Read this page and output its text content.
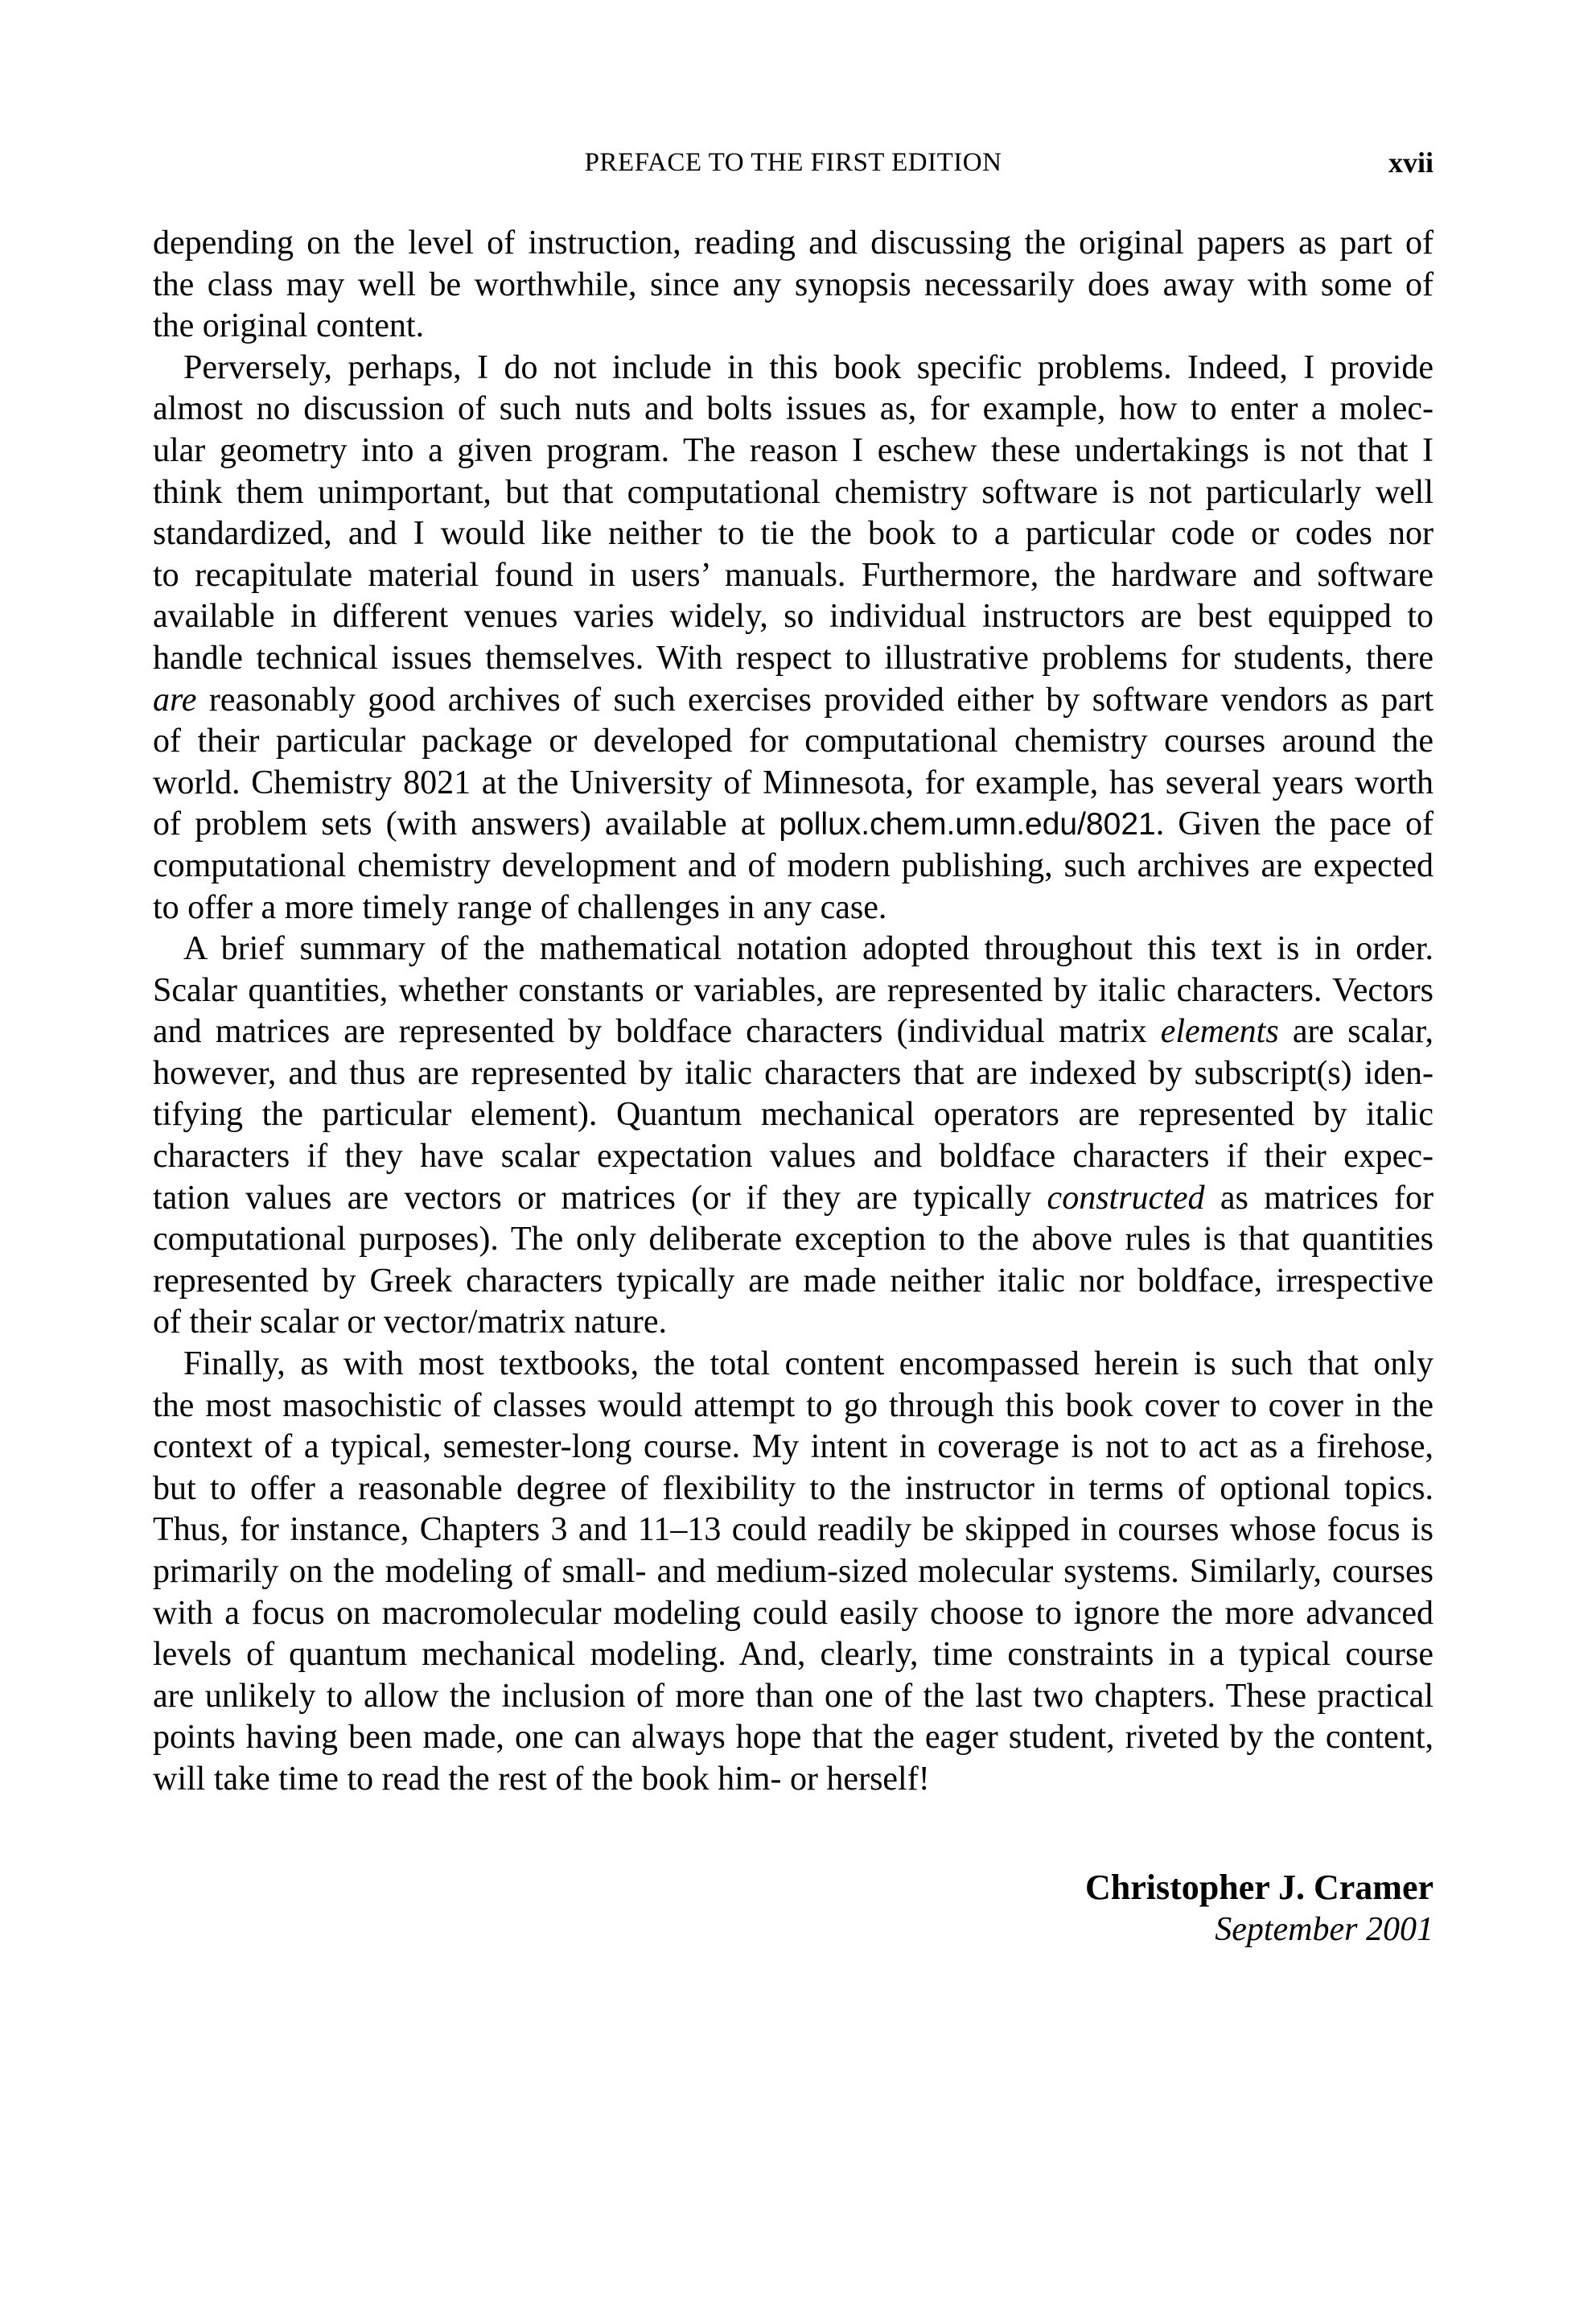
PREFACE TO THE FIRST EDITION	xvii
depending on the level of instruction, reading and discussing the original papers as part of
the class may well be worthwhile, since any synopsis necessarily does away with some of
the original content.
Perversely, perhaps, I do not include in this book specific problems. Indeed, I provide
almost no discussion of such nuts and bolts issues as, for example, how to enter a molec-
ular geometry into a given program. The reason I eschew these undertakings is not that I
think them unimportant, but that computational chemistry software is not particularly well
standardized, and I would like neither to tie the book to a particular code or codes nor
to recapitulate material found in users’ manuals. Furthermore, the hardware and software
available in different venues varies widely, so individual instructors are best equipped to
handle technical issues themselves. With respect to illustrative problems for students, there
are reasonably good archives of such exercises provided either by software vendors as part
of their particular package or developed for computational chemistry courses around the
world. Chemistry 8021 at the University of Minnesota, for example, has several years worth
of problem sets (with answers) available at pollux.chem.umn.edu/8021. Given the pace of
computational chemistry development and of modern publishing, such archives are expected
to offer a more timely range of challenges in any case.
A brief summary of the mathematical notation adopted throughout this text is in order.
Scalar quantities, whether constants or variables, are represented by italic characters. Vectors
and matrices are represented by boldface characters (individual matrix elements are scalar,
however, and thus are represented by italic characters that are indexed by subscript(s) iden-
tifying the particular element). Quantum mechanical operators are represented by italic
characters if they have scalar expectation values and boldface characters if their expec-
tation values are vectors or matrices (or if they are typically constructed as matrices for
computational purposes). The only deliberate exception to the above rules is that quantities
represented by Greek characters typically are made neither italic nor boldface, irrespective
of their scalar or vector/matrix nature.
Finally, as with most textbooks, the total content encompassed herein is such that only
the most masochistic of classes would attempt to go through this book cover to cover in the
context of a typical, semester-long course. My intent in coverage is not to act as a firehose,
but to offer a reasonable degree of flexibility to the instructor in terms of optional topics.
Thus, for instance, Chapters 3 and 11–13 could readily be skipped in courses whose focus is
primarily on the modeling of small- and medium-sized molecular systems. Similarly, courses
with a focus on macromolecular modeling could easily choose to ignore the more advanced
levels of quantum mechanical modeling. And, clearly, time constraints in a typical course
are unlikely to allow the inclusion of more than one of the last two chapters. These practical
points having been made, one can always hope that the eager student, riveted by the content,
will take time to read the rest of the book him- or herself!
Christopher J. Cramer
September 2001
